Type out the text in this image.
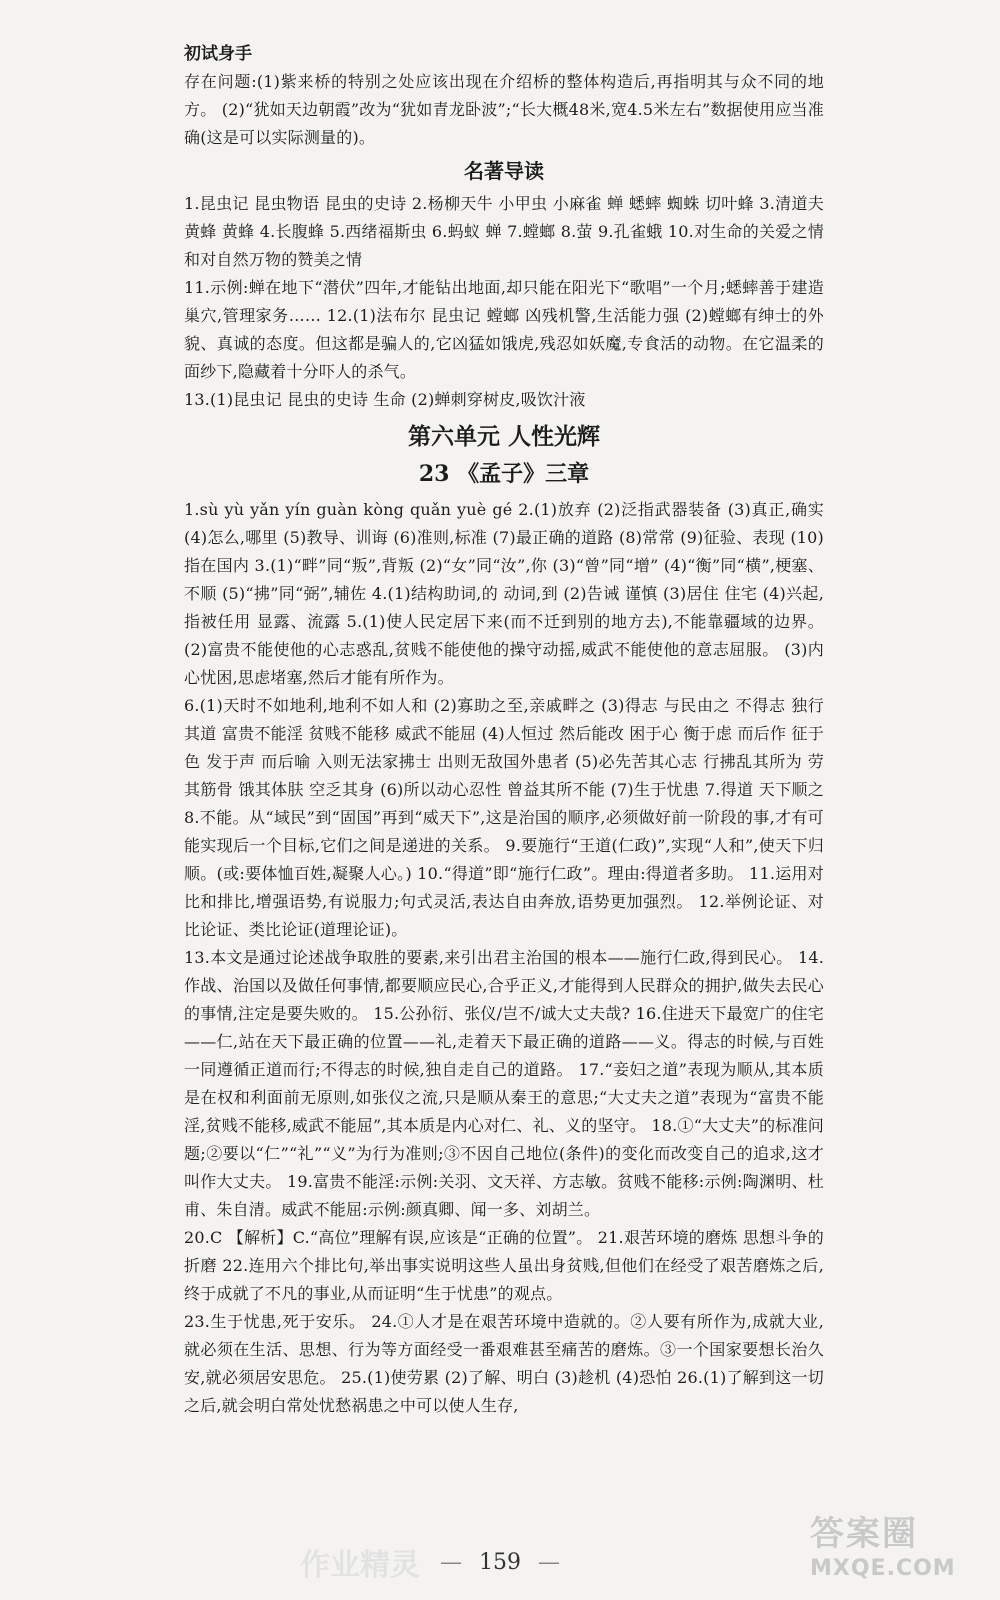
初试身手

存在问题:(1)紫来桥的特别之处应该出现在介绍桥的整体构造后,再指明其与众不同的地方。 (2)“犹如天边朝霞”改为“犹如青龙卧波”;“长大概48米,宽4.5米左右”数据使用应当准确(这是可以实际测量的)。

名著导读

1.昆虫记 昆虫物语 昆虫的史诗 2.杨柳天牛 小甲虫 小麻雀 蝉 蟋蟀 蜘蛛 切叶蜂 3.清道夫 黄蜂 黄蜂 4.长腹蜂 5.西绪福斯虫 6.蚂蚁 蝉 7.螳螂 8.萤 9.孔雀蛾 10.对生命的关爱之情和对自然万物的赞美之情

11.示例:蝉在地下“潜伏”四年,才能钻出地面,却只能在阳光下“歌唱”一个月;蟋蟀善于建造巢穴,管理家务…… 12.(1)法布尔 昆虫记 螳螂 凶残机警,生活能力强 (2)螳螂有绅士的外貌、真诚的态度。但这都是骗人的,它凶猛如饿虎,残忍如妖魔,专食活的动物。在它温柔的面纱下,隐藏着十分吓人的杀气。

13.(1)昆虫记 昆虫的史诗 生命 (2)蝉刺穿树皮,吸饮汁液

第六单元 人性光辉
23 《孟子》三章

1.sù yù yǎn yín guàn kòng quǎn yuè gé 2.(1)放弃 (2)泛指武器装备 (3)真正,确实 (4)怎么,哪里 (5)教导、训诲 (6)准则,标准 (7)最正确的道路 (8)常常 (9)征验、表现 (10)指在国内 3.(1)“畔”同“叛”,背叛 (2)“女”同“汝”,你 (3)“曾”同“增” (4)“衡”同“横”,梗塞、不顺 (5)“拂”同“弼”,辅佐 4.(1)结构助词,的 动词,到 (2)告诫 谨慎 (3)居住 住宅 (4)兴起,指被任用 显露、流露 5.(1)使人民定居下来(而不迁到别的地方去),不能靠疆域的边界。 (2)富贵不能使他的心志惑乱,贫贱不能使他的操守动摇,威武不能使他的意志屈服。 (3)内心忧困,思虑堵塞,然后才能有所作为。

6.(1)天时不如地利,地利不如人和 (2)寡助之至,亲戚畔之 (3)得志 与民由之 不得志 独行其道 富贵不能淫 贫贱不能移 威武不能屈 (4)人恒过 然后能改 困于心 衡于虑 而后作 征于色 发于声 而后喻 入则无法家拂士 出则无敌国外患者 (5)必先苦其心志 行拂乱其所为 劳其筋骨 饿其体肤 空乏其身 (6)所以动心忍性 曾益其所不能 (7)生于忧患 7.得道 天下顺之 8.不能。从“域民”到“固国”再到“威天下”,这是治国的顺序,必须做好前一阶段的事,才有可能实现后一个目标,它们之间是递进的关系。 9.要施行“王道(仁政)”,实现“人和”,使天下归顺。(或:要体恤百姓,凝聚人心。) 10.“得道”即“施行仁政”。理由:得道者多助。 11.运用对比和排比,增强语势,有说服力;句式灵活,表达自由奔放,语势更加强烈。 12.举例论证、对比论证、类比论证(道理论证)。

13.本文是通过论述战争取胜的要素,来引出君主治国的根本——施行仁政,得到民心。 14.作战、治国以及做任何事情,都要顺应民心,合乎正义,才能得到人民群众的拥护,做失去民心的事情,注定是要失败的。 15.公孙衍、张仪/岂不/诚大丈夫哉? 16.住进天下最宽广的住宅——仁,站在天下最正确的位置——礼,走着天下最正确的道路——义。得志的时候,与百姓一同遵循正道而行;不得志的时候,独自走自己的道路。 17.“妾妇之道”表现为顺从,其本质是在权和利面前无原则,如张仪之流,只是顺从秦王的意思;“大丈夫之道”表现为“富贵不能淫,贫贱不能移,威武不能屈”,其本质是内心对仁、礼、义的坚守。 18.①“大丈夫”的标准问题;②要以“仁”“礼”“义”为行为准则;③不因自己地位(条件)的变化而改变自己的追求,这才叫作大丈夫。 19.富贵不能淫:示例:关羽、文天祥、方志敏。贫贱不能移:示例:陶渊明、杜甫、朱自清。威武不能屈:示例:颜真卿、闻一多、刘胡兰。

20.C 【解析】C.“高位”理解有误,应该是“正确的位置”。 21.艰苦环境的磨炼 思想斗争的折磨 22.连用六个排比句,举出事实说明这些人虽出身贫贱,但他们在经受了艰苦磨炼之后,终于成就了不凡的事业,从而证明“生于忧患”的观点。

23.生于忧患,死于安乐。 24.①人才是在艰苦环境中造就的。②人要有所作为,成就大业,就必须在生活、思想、行为等方面经受一番艰难甚至痛苦的磨炼。③一个国家要想长治久安,就必须居安思危。 25.(1)使劳累 (2)了解、明白 (3)趁机 (4)恐怕 26.(1)了解到这一切之后,就会明白常处忧愁祸患之中可以使人生存,

作业精灵 — 159 —
答案圈
MXQE.COM
